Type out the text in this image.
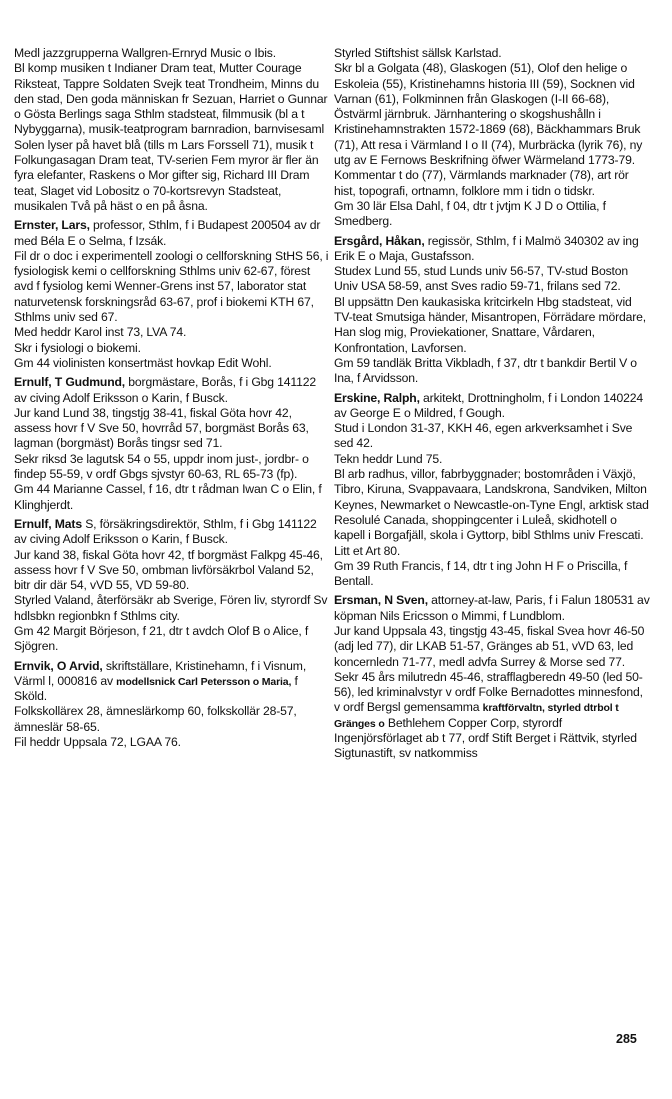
Medl jazzgrupperna Wallgren-Ernryd Music o Ibis.
Bl komp musiken t Indianer Dram teat, Mutter Courage Riksteat, Tappre Soldaten Svejk teat Trondheim, Minns du den stad, Den goda människan fr Sezuan, Harriet o Gunnar o Gösta Berlings saga Sthlm stadsteat, filmmusik (bl a t Nybyggarna), musik-teatprogram barnradion, barnvisesaml Solen lyser på havet blå (tills m Lars Forssell 71), musik t Folkungasagan Dram teat, TV-serien Fem myror är fler än fyra elefanter, Raskens o Mor gifter sig, Richard III Dram teat, Slaget vid Lobositz o 70-kortsrevyn Stadsteat, musikalen Två på häst o en på åsna.
Ernster, Lars, professor, Sthlm, f i Budapest 200504 av dr med Béla E o Selma, f Izsák.
Fil dr o doc i experimentell zoologi o cellforskning StHS 56, i fysiologisk kemi o cellforskning Sthlms univ 62-67, förest avd f fysiolog kemi Wenner-Grens inst 57, laborator stat naturvetensk forskningsråd 63-67, prof i biokemi KTH 67, Sthlms univ sed 67.
Med heddr Karol inst 73, LVA 74.
Skr i fysiologi o biokemi.
Gm 44 violinisten konsertmäst hovkap Edit Wohl.
Ernulf, T Gudmund, borgmästare, Borås, f i Gbg 141122 av civing Adolf Eriksson o Karin, f Busck.
Jur kand Lund 38, tingstjg 38-41, fiskal Göta hovr 42, assess hovr f V Sve 50, hovrråd 57, borgmäst Borås 63, lagman (borgmäst) Borås tingsr sed 71.
Sekr riksd 3e lagutsk 54 o 55, uppdr inom just-, jordbr- o findep 55-59, v ordf Gbgs sjvstyr 60-63, RL 65-73 (fp).
Gm 44 Marianne Cassel, f 16, dtr t rådman Iwan C o Elin, f Klinghjerdt.
Ernulf, Mats S, försäkringsdirektör, Sthlm, f i Gbg 141122 av civing Adolf Eriksson o Karin, f Busck.
Jur kand 38, fiskal Göta hovr 42, tf borgmäst Falkpg 45-46, assess hovr f V Sve 50, ombman livförsäkrbol Valand 52, bitr dir där 54, vVD 55, VD 59-80.
Styrled Valand, återförsäkr ab Sverige, Fören liv, styrordf Sv hdlsbkn regionbkn f Sthlms city.
Gm 42 Margit Börjeson, f 21, dtr t avdch Olof B o Alice, f Sjögren.
Ernvik, O Arvid, skriftställare, Kristinehamn, f i Visnum, Värml l, 000816 av modellsnick Carl Petersson o Maria, f Sköld.
Folkskollärex 28, ämneslärkomp 60, folkskollär 28-57, ämneslär 58-65.
Fil heddr Uppsala 72, LGAA 76.
Styrled Stiftshist sällsk Karlstad.
Skr bl a Golgata (48), Glaskogen (51), Olof den helige o Eskoleia (55), Kristinehamns historia III (59), Socknen vid Varnan (61), Folkminnen från Glaskogen (I-II 66-68), Östvärml järnbruk. Järnhantering o skogshushålln i Kristinehamnstrakten 1572-1869 (68), Bäckhammars Bruk (71), Att resa i Värmland I o II (74), Murbräcka (lyrik 76), ny utg av E Fernows Beskrifning öfwer Wärmeland 1773-79. Kommentar t do (77), Värmlands marknader (78), art rör hist, topografi, ortnamn, folklore mm i tidn o tidskr.
Gm 30 lär Elsa Dahl, f 04, dtr t jvtjm K J D o Ottilia, f Smedberg.
Ersgård, Håkan, regissör, Sthlm, f i Malmö 340302 av ing Erik E o Maja, Gustafsson.
Studex Lund 55, stud Lunds univ 56-57, TV-stud Boston Univ USA 58-59, anst Sves radio 59-71, frilans sed 72.
Bl uppsättn Den kaukasiska kritcirkeln Hbg stadsteat, vid TV-teat Smutsiga händer, Misantropen, Förrädare mördare, Han slog mig, Proviekationer, Snattare, Vårdaren, Konfrontation, Lavforsen.
Gm 59 tandläk Britta Vikbladh, f 37, dtr t bankdir Bertil V o Ina, f Arvidsson.
Erskine, Ralph, arkitekt, Drottningholm, f i London 140224 av George E o Mildred, f Gough.
Stud i London 31-37, KKH 46, egen arkverksamhet i Sve sed 42.
Tekn heddr Lund 75.
Bl arb radhus, villor, fabrbyggnader; bostområden i Växjö, Tibro, Kiruna, Svappavaara, Landskrona, Sandviken, Milton Keynes, Newmarket o Newcastle-on-Tyne Engl, arktisk stad Resolulé Canada, shoppingcenter i Luleå, skidhotell o kapell i Borgafjäll, skola i Gyttorp, bibl Sthlms univ Frescati.
Litt et Art 80.
Gm 39 Ruth Francis, f 14, dtr t ing John H F o Priscilla, f Bentall.
Ersman, N Sven, attorney-at-law, Paris, f i Falun 180531 av köpman Nils Ericsson o Mimmi, f Lundblom.
Jur kand Uppsala 43, tingstjg 43-45, fiskal Svea hovr 46-50 (adj led 77), dir LKAB 51-57, Gränges ab 51, vVD 63, led koncernledn 71-77, medl advfa Surrey & Morse sed 77.
Sekr 45 års milutredn 45-46, strafflagberedn 49-50 (led 50-56), led kriminalvstyr v ordf Folke Bernadottes minnesfond, v ordf Bergsl gemensamma kraftförvaltn, styrled dtrbol t Gränges o Bethlehem Copper Corp, styrordf Ingenjörsförlaget ab t 77, ordf Stift Berget i Rättvik, styrled Sigtunastift, sv natkommiss
285
